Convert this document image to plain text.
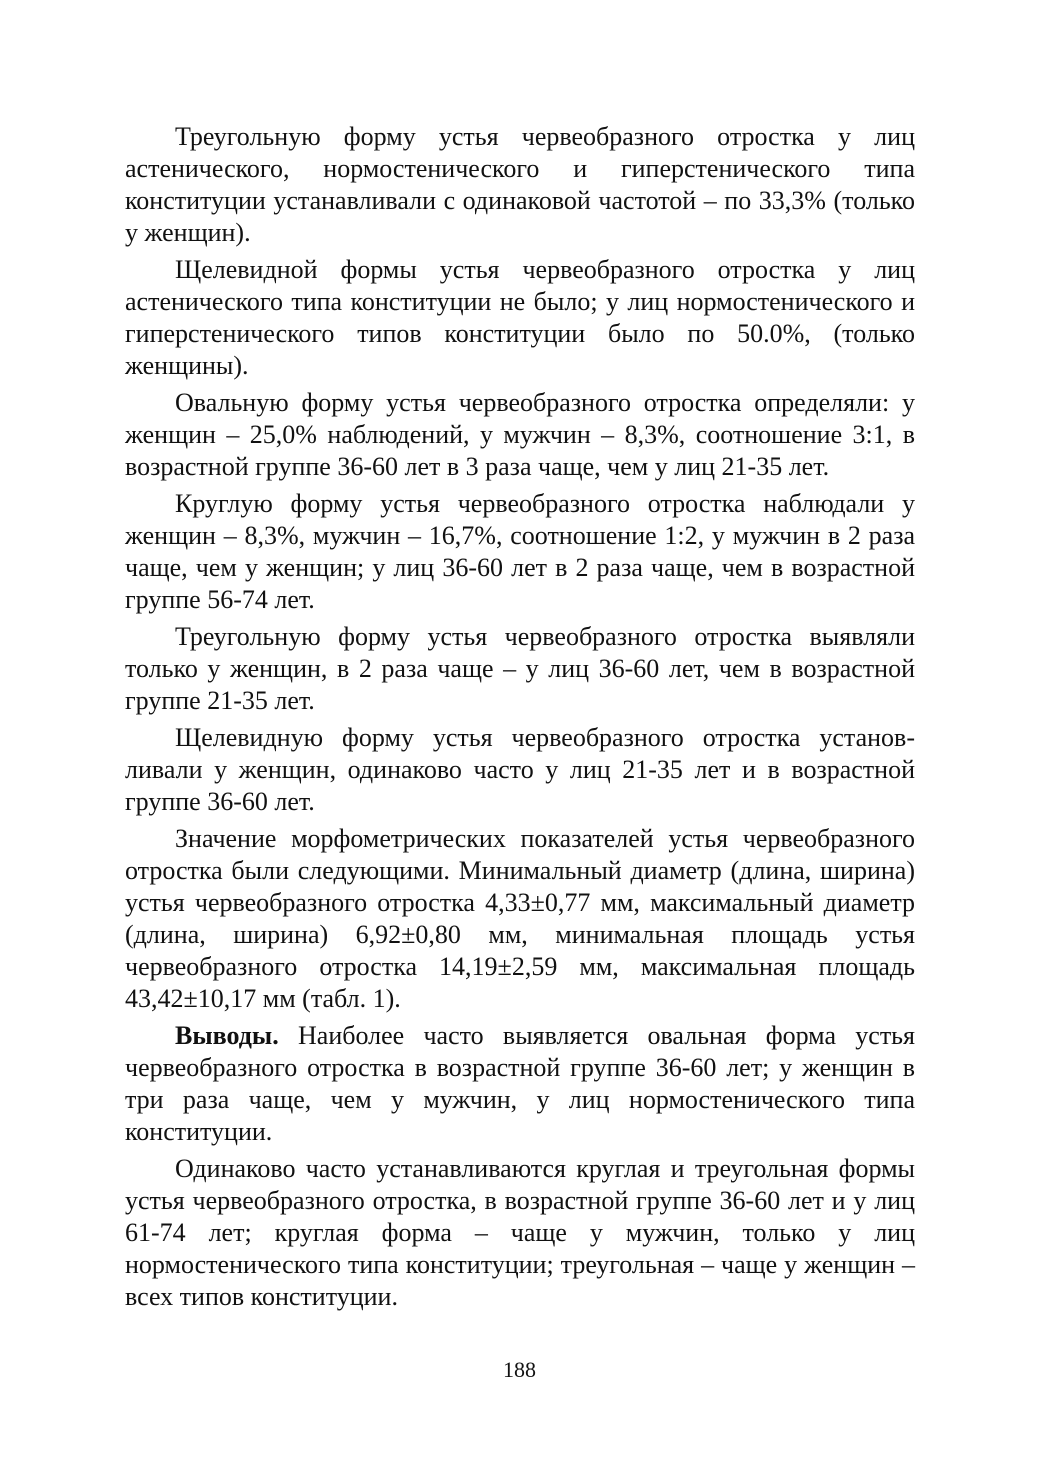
Треугольную форму устья червеобразного отростка у лиц астенического, нормостенического и гиперстенического типа конституции устанавливали с одинаковой частотой – по 33,3% (только у женщин).

Щелевидной формы устья червеобразного отростка у лиц астенического типа конституции не было; у лиц нормостенического и гиперстенического типов конституции было по 50.0%, (только женщины).

Овальную форму устья червеобразного отростка определяли: у женщин – 25,0% наблюдений, у мужчин – 8,3%, соотношение 3:1, в возрастной группе 36-60 лет в 3 раза чаще, чем у лиц 21-35 лет.

Круглую форму устья червеобразного отростка наблюдали у женщин – 8,3%, мужчин – 16,7%, соотношение 1:2, у мужчин в 2 раза чаще, чем у женщин; у лиц 36-60 лет в 2 раза чаще, чем в возрастной группе 56-74 лет.

Треугольную форму устья червеобразного отростка выявляли только у женщин, в 2 раза чаще – у лиц 36-60 лет, чем в возрастной группе 21-35 лет.

Щелевидную форму устья червеобразного отростка установливали у женщин, одинаково часто у лиц 21-35 лет и в возрастной группе 36-60 лет.

Значение морфометрических показателей устья червеобразного отростка были следующими. Минимальный диаметр (длина, ширина) устья червеобразного отростка 4,33±0,77 мм, максимальный диаметр (длина, ширина) 6,92±0,80 мм, минимальная площадь устья червеобразного отростка 14,19±2,59 мм, максимальная площадь 43,42±10,17 мм (табл. 1).

Выводы. Наиболее часто выявляется овальная форма устья червеобразного отростка в возрастной группе 36-60 лет; у женщин в три раза чаще, чем у мужчин, у лиц нормостенического типа конституции.

Одинаково часто устанавливаются круглая и треугольная формы устья червеобразного отростка, в возрастной группе 36-60 лет и у лиц 61-74 лет; круглая форма – чаще у мужчин, только у лиц нормостенического типа конституции; треугольная – чаще у женщин – всех типов конституции.

188
